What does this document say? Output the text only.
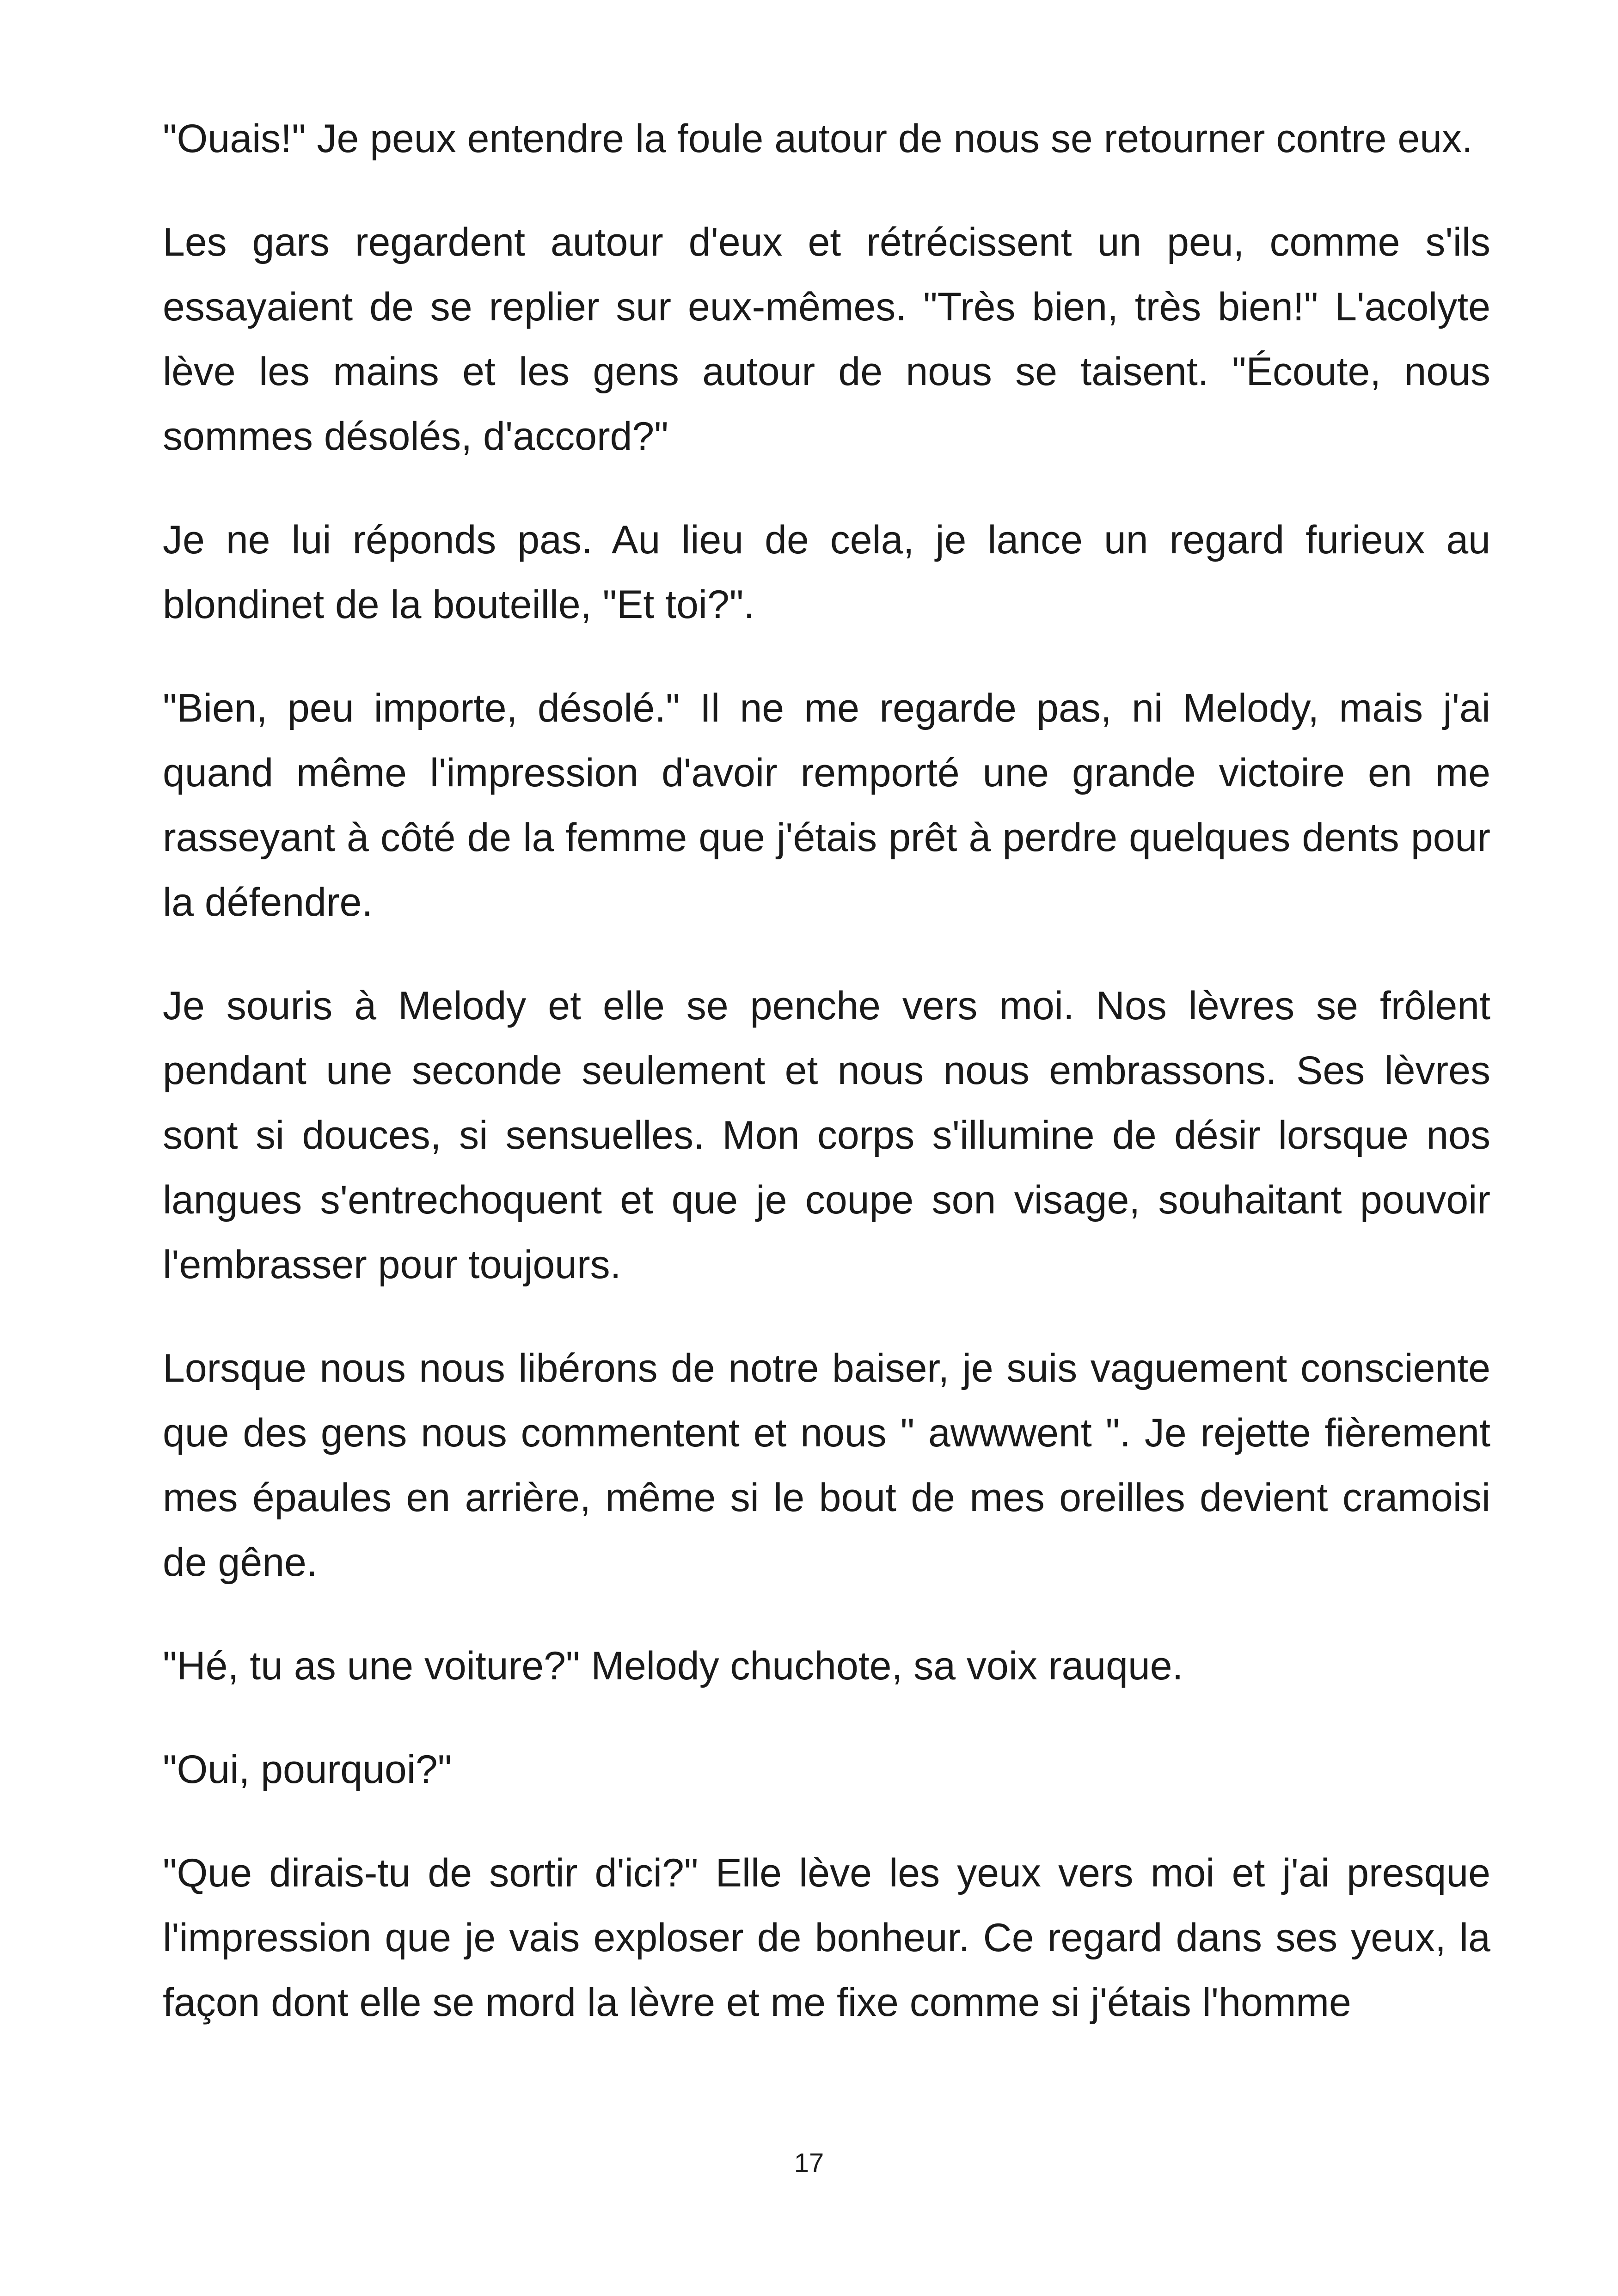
"Ouais!" Je peux entendre la foule autour de nous se retourner contre eux.

Les gars regardent autour d'eux et rétrécissent un peu, comme s'ils essayaient de se replier sur eux-mêmes. "Très bien, très bien!" L'acolyte lève les mains et les gens autour de nous se taisent. "Écoute, nous sommes désolés, d'accord?"

Je ne lui réponds pas. Au lieu de cela, je lance un regard furieux au blondinet de la bouteille, "Et toi?".

"Bien, peu importe, désolé." Il ne me regarde pas, ni Melody, mais j'ai quand même l'impression d'avoir remporté une grande victoire en me rasseyant à côté de la femme que j'étais prêt à perdre quelques dents pour la défendre.

Je souris à Melody et elle se penche vers moi. Nos lèvres se frôlent pendant une seconde seulement et nous nous embrassons. Ses lèvres sont si douces, si sensuelles. Mon corps s'illumine de désir lorsque nos langues s'entrechoquent et que je coupe son visage, souhaitant pouvoir l'embrasser pour toujours.

Lorsque nous nous libérons de notre baiser, je suis vaguement consciente que des gens nous commentent et nous " awwwent ". Je rejette fièrement mes épaules en arrière, même si le bout de mes oreilles devient cramoisi de gêne.

"Hé, tu as une voiture?" Melody chuchote, sa voix rauque.

"Oui, pourquoi?"

"Que dirais-tu de sortir d'ici?" Elle lève les yeux vers moi et j'ai presque l'impression que je vais exploser de bonheur. Ce regard dans ses yeux, la façon dont elle se mord la lèvre et me fixe comme si j'étais l'homme

17
